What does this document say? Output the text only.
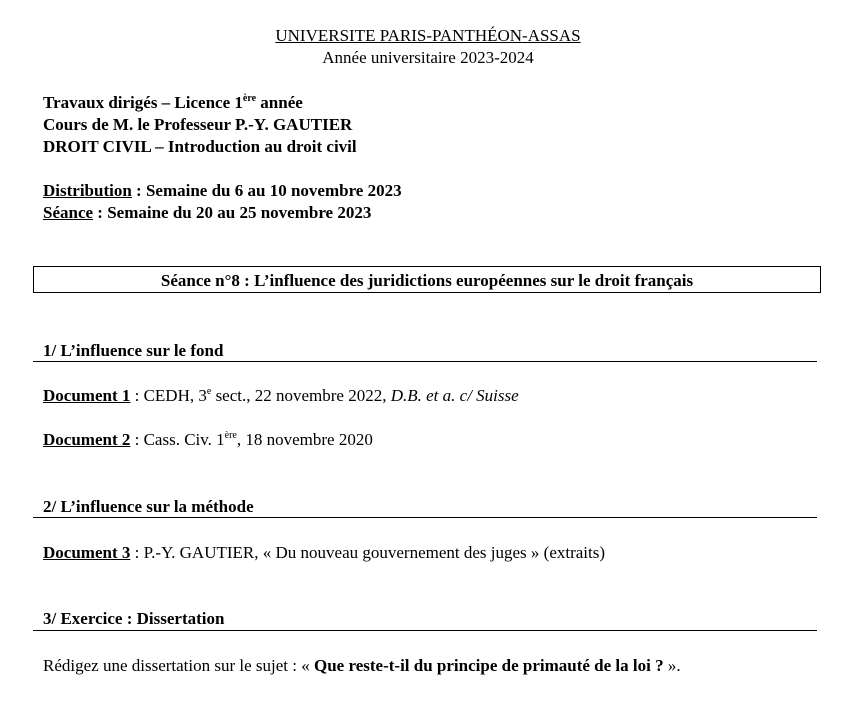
UNIVERSITE PARIS-PANTHÉON-ASSAS
Année universitaire 2023-2024
Travaux dirigés – Licence 1ère année
Cours de M. le Professeur P.-Y. GAUTIER
DROIT CIVIL – Introduction au droit civil
Distribution : Semaine du 6 au 10 novembre 2023
Séance : Semaine du 20 au 25 novembre 2023
Séance n°8 : L’influence des juridictions européennes sur le droit français
1/ L’influence sur le fond
Document 1 : CEDH, 3e sect., 22 novembre 2022, D.B. et a. c/ Suisse
Document 2 : Cass. Civ. 1ère, 18 novembre 2020
2/ L’influence sur la méthode
Document 3 : P.-Y. GAUTIER, « Du nouveau gouvernement des juges » (extraits)
3/ Exercice : Dissertation
Rédigez une dissertation sur le sujet : « Que reste-t-il du principe de primauté de la loi ? ».
